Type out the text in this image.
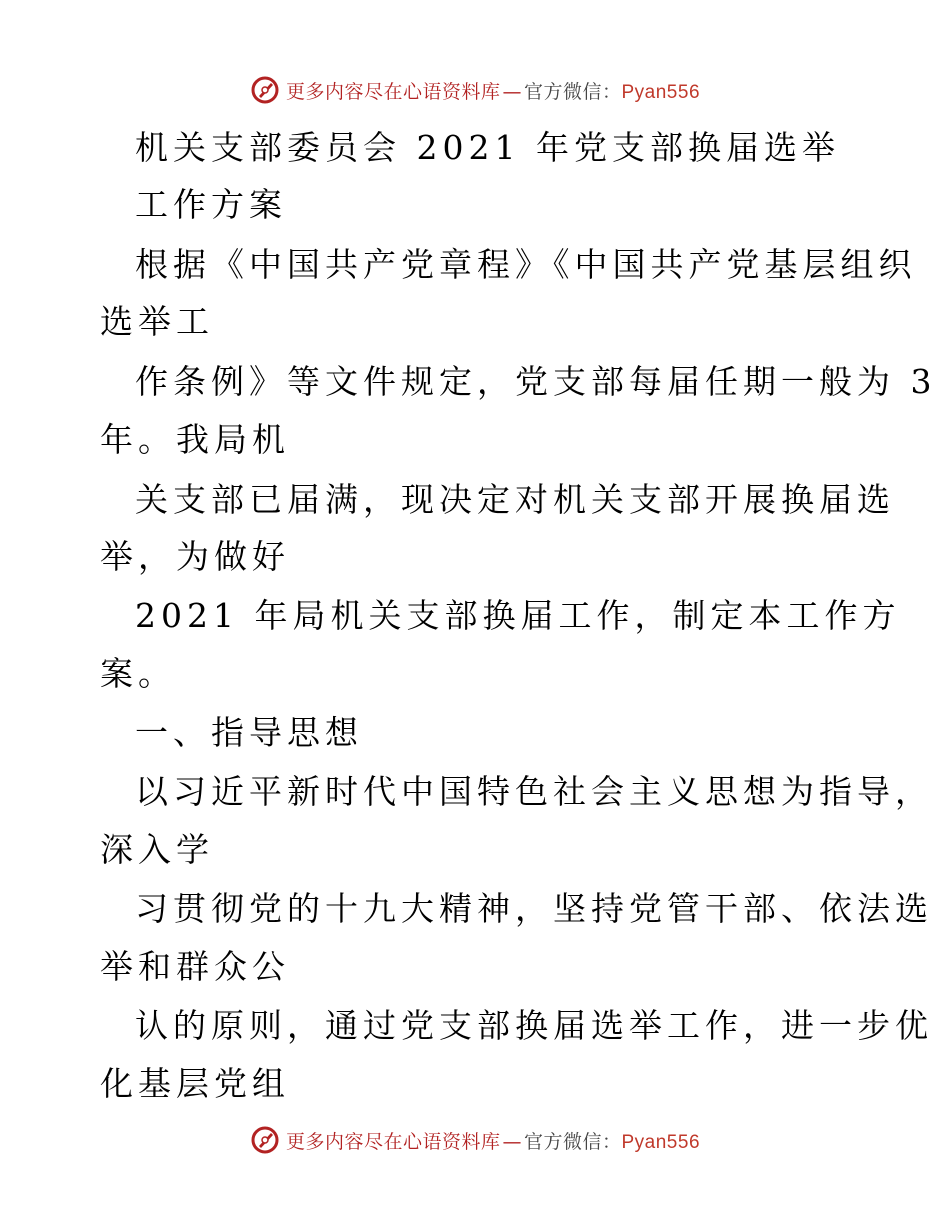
更多内容尽在心语资料库 — 官方微信：Pyan556
机关支部委员会 2021 年党支部换届选举
工作方案
根据《中国共产党章程》《中国共产党基层组织
选举工
作条例》等文件规定，党支部每届任期一般为 3
年。我局机
关支部已届满，现决定对机关支部开展换届选
举，为做好
2021 年局机关支部换届工作，制定本工作方
案。
一、指导思想
以习近平新时代中国特色社会主义思想为指导，
深入学
习贯彻党的十九大精神，坚持党管干部、依法选
举和群众公
认的原则，通过党支部换届选举工作，进一步优
化基层党组
更多内容尽在心语资料库 — 官方微信：Pyan556
